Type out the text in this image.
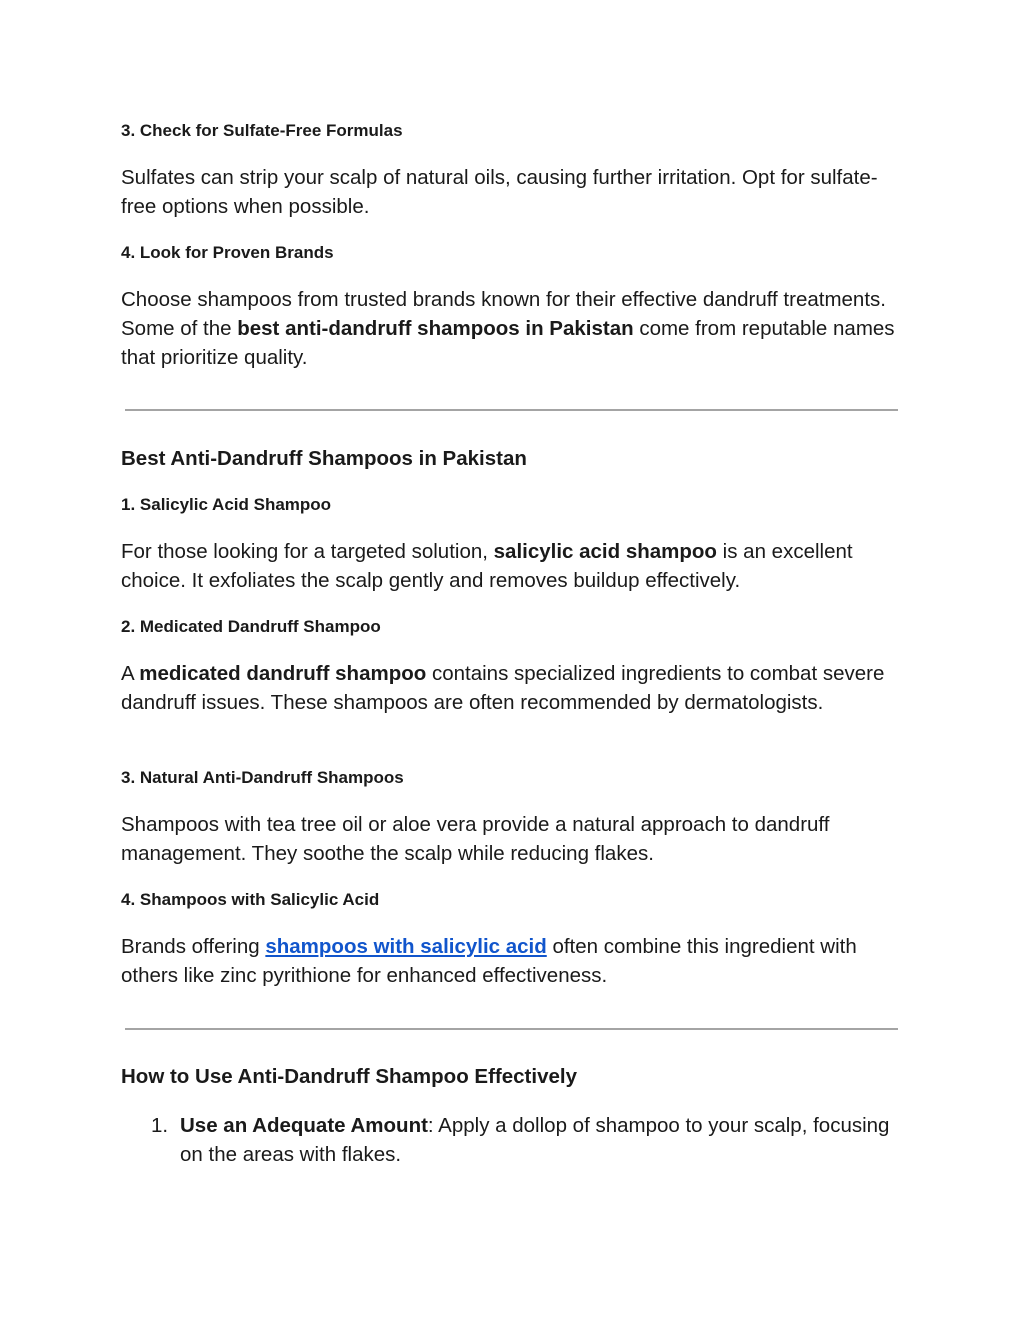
3. Check for Sulfate-Free Formulas

Sulfates can strip your scalp of natural oils, causing further irritation. Opt for sulfate-free options when possible.

4. Look for Proven Brands

Choose shampoos from trusted brands known for their effective dandruff treatments. Some of the best anti-dandruff shampoos in Pakistan come from reputable names that prioritize quality.

Best Anti-Dandruff Shampoos in Pakistan
1. Salicylic Acid Shampoo

For those looking for a targeted solution, salicylic acid shampoo is an excellent choice. It exfoliates the scalp gently and removes buildup effectively.

2. Medicated Dandruff Shampoo

A medicated dandruff shampoo contains specialized ingredients to combat severe dandruff issues. These shampoos are often recommended by dermatologists.

3. Natural Anti-Dandruff Shampoos

Shampoos with tea tree oil or aloe vera provide a natural approach to dandruff management. They soothe the scalp while reducing flakes.

4. Shampoos with Salicylic Acid

Brands offering shampoos with salicylic acid often combine this ingredient with others like zinc pyrithione for enhanced effectiveness.

How to Use Anti-Dandruff Shampoo Effectively
1. Use an Adequate Amount: Apply a dollop of shampoo to your scalp, focusing on the areas with flakes.
